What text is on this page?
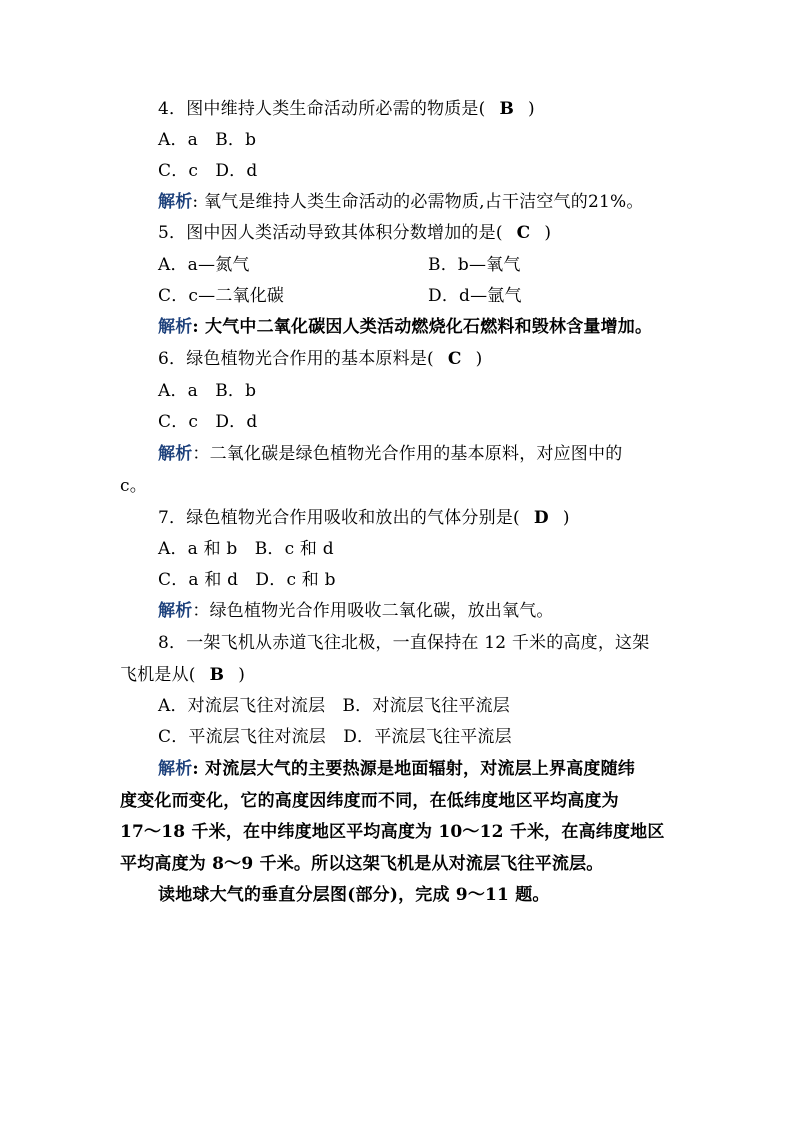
4．图中维持人类生命活动所必需的物质是( B )
A．a　B．b
C．c　D．d
解析: 氧气是维持人类生命活动的必需物质,占干洁空气的21%。
5．图中因人类活动导致其体积分数增加的是( C )
A．a—氮气	B．b—氧气
C．c—二氧化碳	D．d—氩气
解析: 大气中二氧化碳因人类活动燃烧化石燃料和毁林含量增加。
6．绿色植物光合作用的基本原料是( C )
A．a　B．b
C．c　D．d
解析：二氧化碳是绿色植物光合作用的基本原料，对应图中的
c。
7．绿色植物光合作用吸收和放出的气体分别是( D )
A．a 和 b　B．c 和 d
C．a 和 d　D．c 和 b
解析：绿色植物光合作用吸收二氧化碳，放出氧气。
8．一架飞机从赤道飞往北极，一直保持在 12 千米的高度，这架
飞机是从( B )
A．对流层飞往对流层　B．对流层飞往平流层
C．平流层飞往对流层　D．平流层飞往平流层
解析: 对流层大气的主要热源是地面辐射，对流层上界高度随纬
度变化而变化，它的高度因纬度而不同，在低纬度地区平均高度为
17～18 千米，在中纬度地区平均高度为 10～12 千米，在高纬度地区
平均高度为 8～9 千米。所以这架飞机是从对流层飞往平流层。
读地球大气的垂直分层图(部分)，完成 9～11 题。
